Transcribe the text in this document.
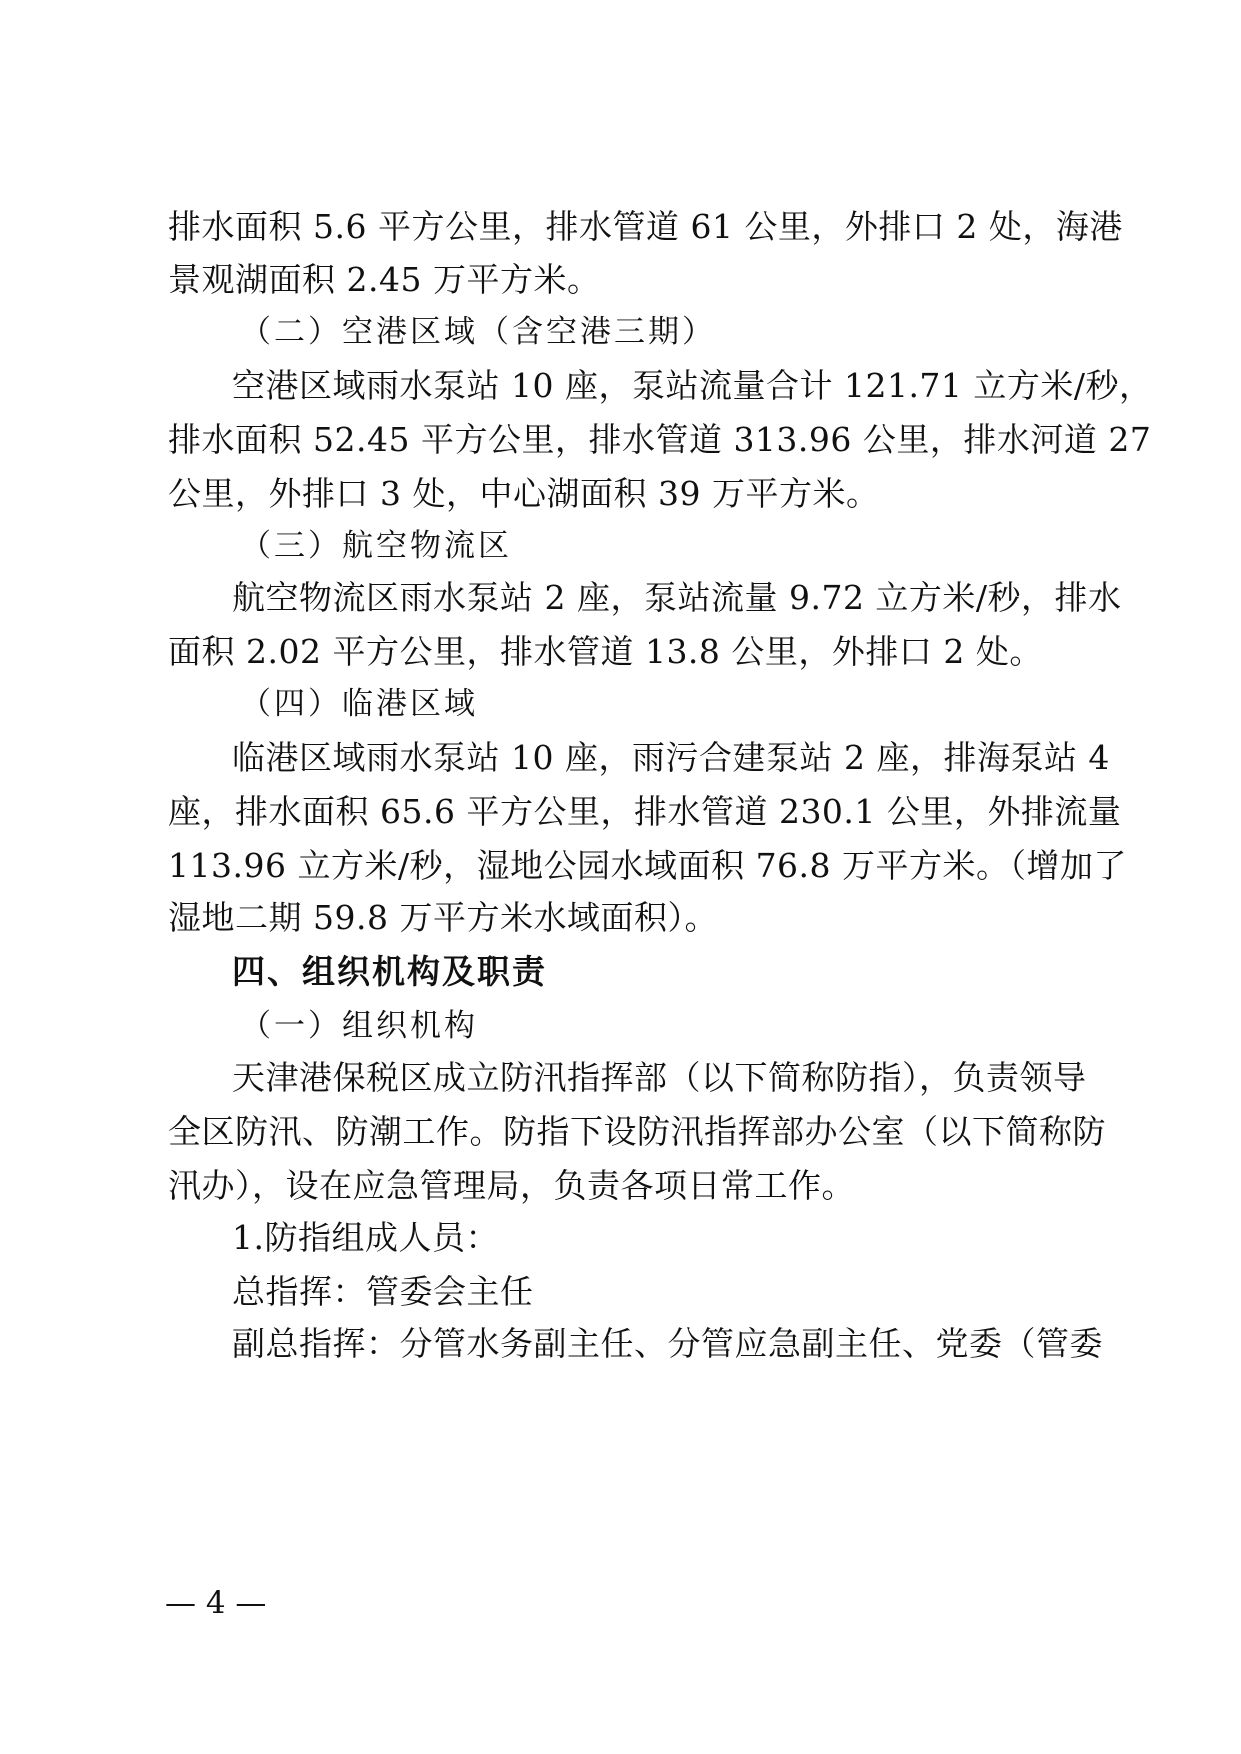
排水面积 5.6 平方公里，排水管道 61 公里，外排口 2 处，海港
景观湖面积 2.45 万平方米。
（二）空港区域（含空港三期）
空港区域雨水泵站 10 座，泵站流量合计 121.71 立方米/秒，
排水面积 52.45 平方公里，排水管道 313.96 公里，排水河道 27
公里，外排口 3 处，中心湖面积 39 万平方米。
（三）航空物流区
航空物流区雨水泵站 2 座，泵站流量 9.72 立方米/秒，排水
面积 2.02 平方公里，排水管道 13.8 公里，外排口 2 处。
（四）临港区域
临港区域雨水泵站 10 座，雨污合建泵站 2 座，排海泵站 4
座，排水面积 65.6 平方公里，排水管道 230.1 公里，外排流量
113.96 立方米/秒，湿地公园水域面积 76.8 万平方米。（增加了
湿地二期 59.8 万平方米水域面积）。
四、组织机构及职责
（一）组织机构
天津港保税区成立防汛指挥部（以下简称防指），负责领导
全区防汛、防潮工作。防指下设防汛指挥部办公室（以下简称防
汛办），设在应急管理局，负责各项日常工作。
1.防指组成人员：
总指挥：管委会主任
副总指挥：分管水务副主任、分管应急副主任、党委（管委
— 4 —
